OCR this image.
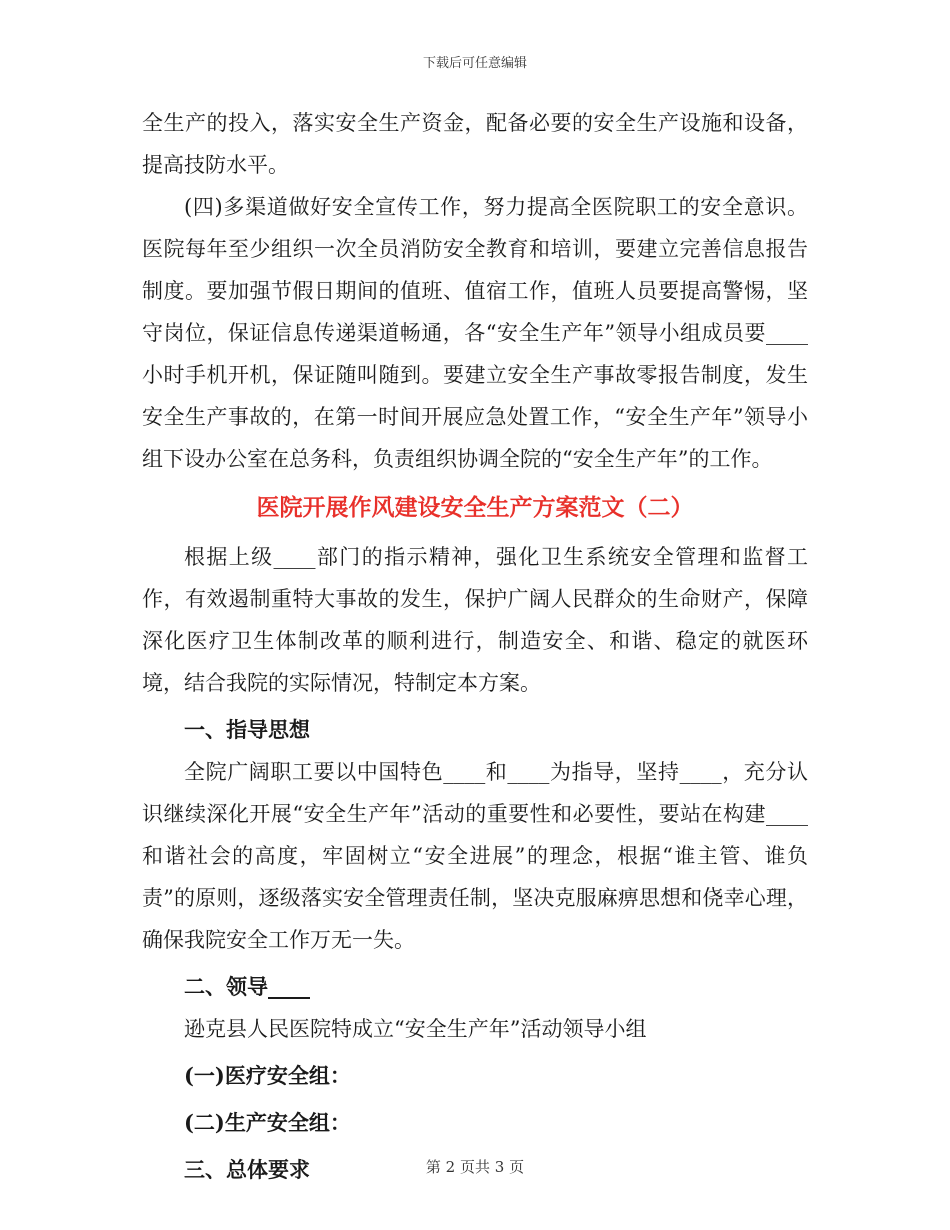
下载后可任意编辑

全生产的投入，落实安全生产资金，配备必要的安全生产设施和设备，提高技防水平。

(四)多渠道做好安全宣传工作，努力提高全医院职工的安全意识。医院每年至少组织一次全员消防安全教育和培训，要建立完善信息报告制度。要加强节假日期间的值班、值宿工作，值班人员要提高警惕，坚守岗位，保证信息传递渠道畅通，各“安全生产年”领导小组成员要____小时手机开机，保证随叫随到。要建立安全生产事故零报告制度，发生安全生产事故的，在第一时间开展应急处置工作，“安全生产年”领导小组下设办公室在总务科，负责组织协调全院的“安全生产年”的工作。

医院开展作风建设安全生产方案范文（二）

根据上级____部门的指示精神，强化卫生系统安全管理和监督工作，有效遏制重特大事故的发生，保护广阔人民群众的生命财产，保障深化医疗卫生体制改革的顺利进行，制造安全、和谐、稳定的就医环境，结合我院的实际情况，特制定本方案。

一、指导思想

全院广阔职工要以中国特色____和____为指导，坚持____，充分认识继续深化开展“安全生产年”活动的重要性和必要性，要站在构建____和谐社会的高度，牢固树立“安全进展”的理念，根据“谁主管、谁负责”的原则，逐级落实安全管理责任制，坚决克服麻痹思想和侥幸心理，确保我院安全工作万无一失。

二、领导____

逊克县人民医院特成立“安全生产年”活动领导小组

(一)医疗安全组：

(二)生产安全组：

三、总体要求	第 2 页共 3 页
